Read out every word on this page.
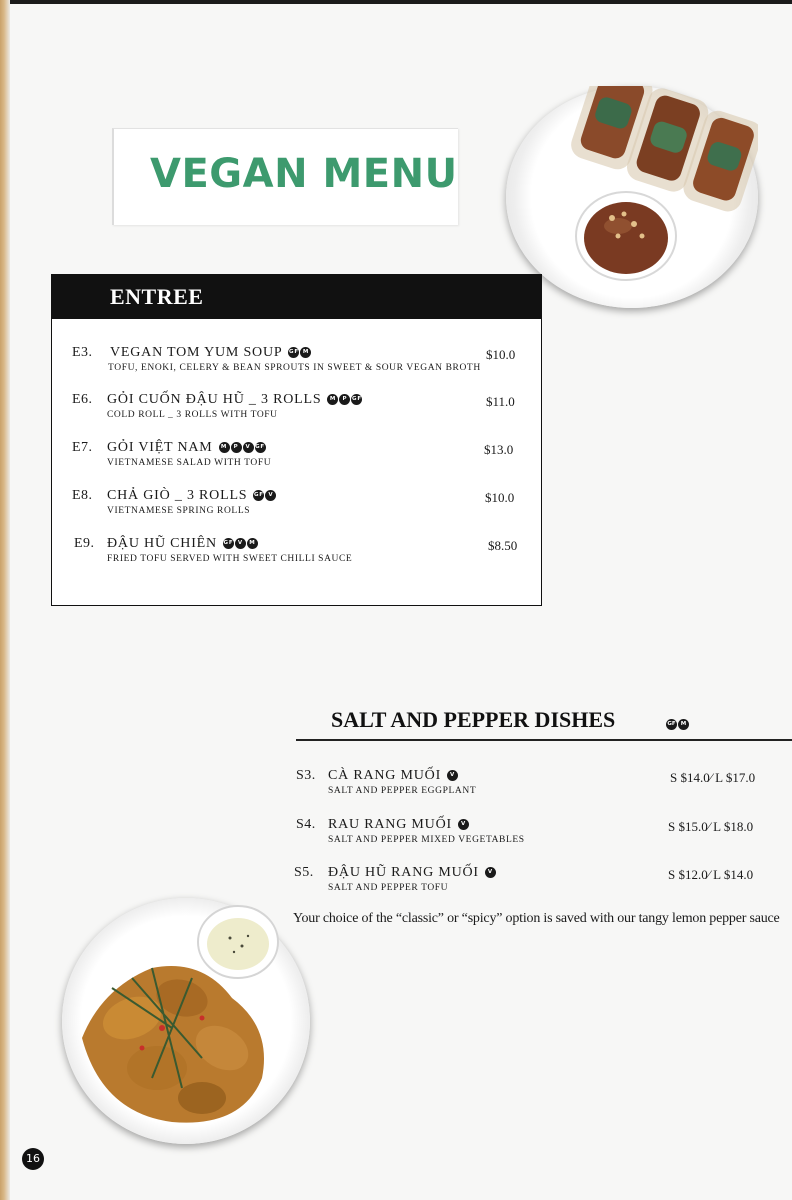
VEGAN MENU
ENTREE
E3. VEGAN TOM YUM SOUP GF M
TOFU, ENOKI, CELERY & BEAN SPROUTS IN SWEET & SOUR VEGAN BROTH
$10.0
E6. GỎI CUỐN ĐẬU HŨ _ 3 ROLLS M P GF
COLD ROLL _ 3 ROLLS WITH TOFU
$11.0
E7. GỎI VIỆT NAM M P V GF
VIETNAMESE SALAD WITH TOFU
$13.0
E8. CHẢ GIÒ _ 3 ROLLS GF V
VIETNAMESE SPRING ROLLS
$10.0
E9. ĐẬU HŨ CHIÊN GF V M
FRIED TOFU SERVED WITH SWEET CHILLI SAUCE
$8.50
SALT AND PEPPER DISHES	GF M
S3. CÀ RANG MUỐI V
SALT AND PEPPER EGGPLANT
S $14.0⁄ L $17.0
S4. RAU RANG MUỐI V
SALT AND PEPPER MIXED VEGETABLES
S $15.0⁄ L $18.0
S5. ĐẬU HŨ RANG MUỐI V
SALT AND PEPPER TOFU
S $12.0⁄ L $14.0
Your choice of the “classic” or “spicy” option is saved with our tangy lemon pepper sauce
16
